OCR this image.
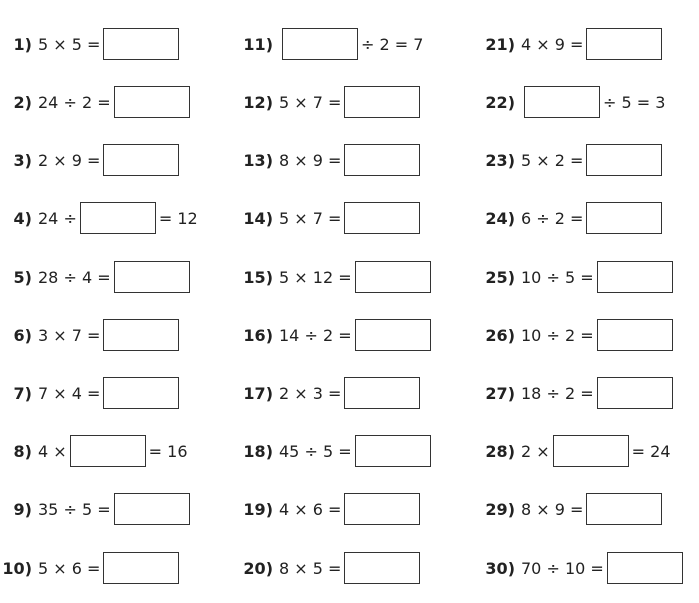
1) 5 × 5 =
2) 24 ÷ 2 =
3) 2 × 9 =
4) 24 ÷	= 12
5) 28 ÷ 4 =
6) 3 × 7 =
7) 7 × 4 =
8) 4 ×	= 16
9) 35 ÷ 5 =
10) 5 × 6 =
11)	÷ 2 = 7
12) 5 × 7 =
13) 8 × 9 =
14) 5 × 7 =
15) 5 × 12 =
16) 14 ÷ 2 =
17) 2 × 3 =
18) 45 ÷ 5 =
19) 4 × 6 =
20) 8 × 5 =
21) 4 × 9 =
22)	÷ 5 = 3
23) 5 × 2 =
24) 6 ÷ 2 =
25) 10 ÷ 5 =
26) 10 ÷ 2 =
27) 18 ÷ 2 =
28) 2 ×	= 24
29) 8 × 9 =
30) 70 ÷ 10 =
